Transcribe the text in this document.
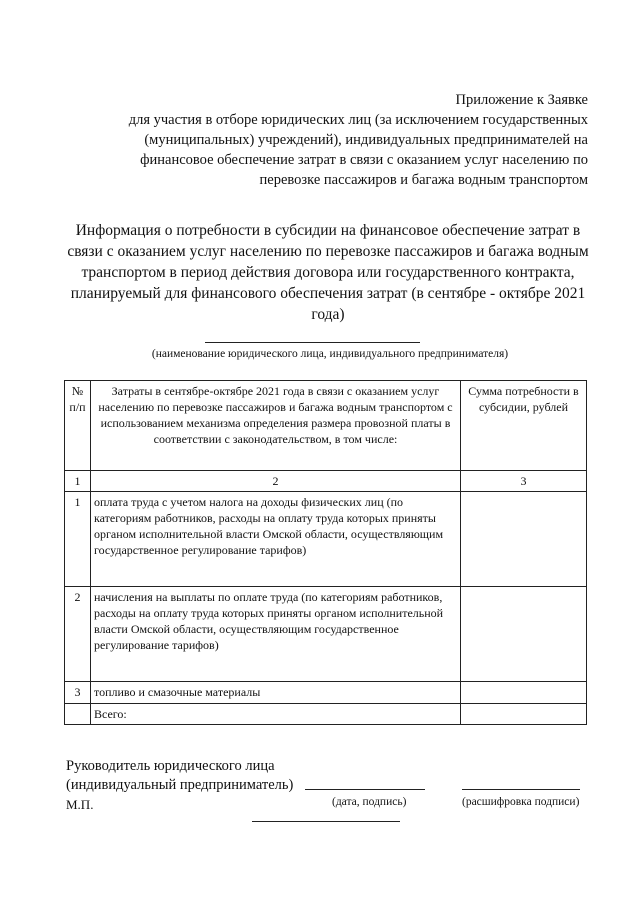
Приложение к Заявке
для участия в отборе юридических лиц (за исключением государственных (муниципальных) учреждений), индивидуальных предпринимателей на финансовое обеспечение затрат в связи с оказанием услуг населению по перевозке пассажиров и багажа водным транспортом
Информация о потребности в субсидии на финансовое обеспечение затрат в связи с оказанием услуг населению по перевозке пассажиров и багажа водным транспортом в период действия договора или государственного контракта, планируемый для финансового обеспечения затрат (в сентябре - октябре 2021 года)
(наименование юридического лица, индивидуального предпринимателя)
№ п/п	Затраты в сентябре-октябре 2021 года в связи с оказанием услуг населению по перевозке пассажиров и багажа водным транспортом с использованием механизма определения размера провозной платы в соответствии с законодательством, в том числе:	Сумма потребности в субсидии, рублей
1	2	3
1	оплата труда с учетом налога на доходы физических лиц (по категориям работников, расходы на оплату труда которых приняты органом исполнительной власти Омской области, осуществляющим государственное регулирование тарифов)	
2	начисления на выплаты по оплате труда (по категориям работников, расходы на оплату труда которых приняты органом исполнительной власти Омской области, осуществляющим государственное регулирование тарифов)	
3	топливо и смазочные материалы	
	Всего:	
Руководитель юридического лица
(индивидуальный предприниматель)
М.П.	(дата, подпись)	(расшифровка подписи)
